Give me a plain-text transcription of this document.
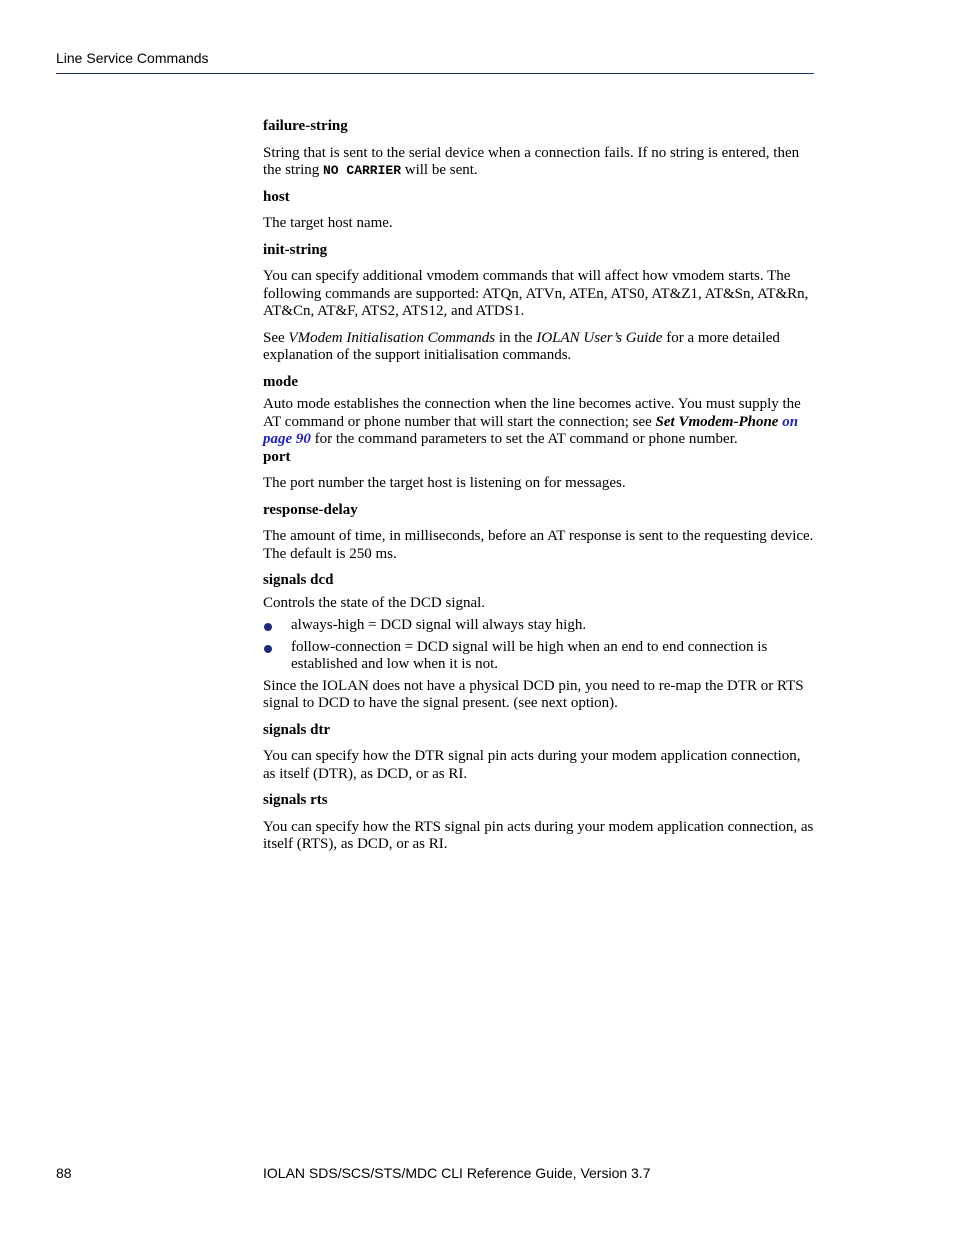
Line Service Commands
failure-string

String that is sent to the serial device when a connection fails. If no string is entered, then the string NO CARRIER will be sent.

host

The target host name.

init-string

You can specify additional vmodem commands that will affect how vmodem starts. The following commands are supported: ATQn, ATVn, ATEn, ATS0, AT&Z1, AT&Sn, AT&Rn, AT&Cn, AT&F, ATS2, ATS12, and ATDS1.

See VModem Initialisation Commands in the IOLAN User’s Guide for a more detailed explanation of the support initialisation commands.

mode

Auto mode establishes the connection when the line becomes active. You must supply the AT command or phone number that will start the connection; see Set Vmodem-Phone on page 90 for the command parameters to set the AT command or phone number.

port

The port number the target host is listening on for messages.

response-delay

The amount of time, in milliseconds, before an AT response is sent to the requesting device. The default is 250 ms.

signals dcd

Controls the state of the DCD signal.

always-high = DCD signal will always stay high.
follow-connection = DCD signal will be high when an end to end connection is established and low when it is not.

Since the IOLAN does not have a physical DCD pin, you need to re-map the DTR or RTS signal to DCD to have the signal present. (see next option).

signals dtr

You can specify how the DTR signal pin acts during your modem application connection, as itself (DTR), as DCD, or as RI.

signals rts

You can specify how the RTS signal pin acts during your modem application connection, as itself (RTS), as DCD, or as RI.

88	IOLAN SDS/SCS/STS/MDC CLI Reference Guide, Version 3.7
